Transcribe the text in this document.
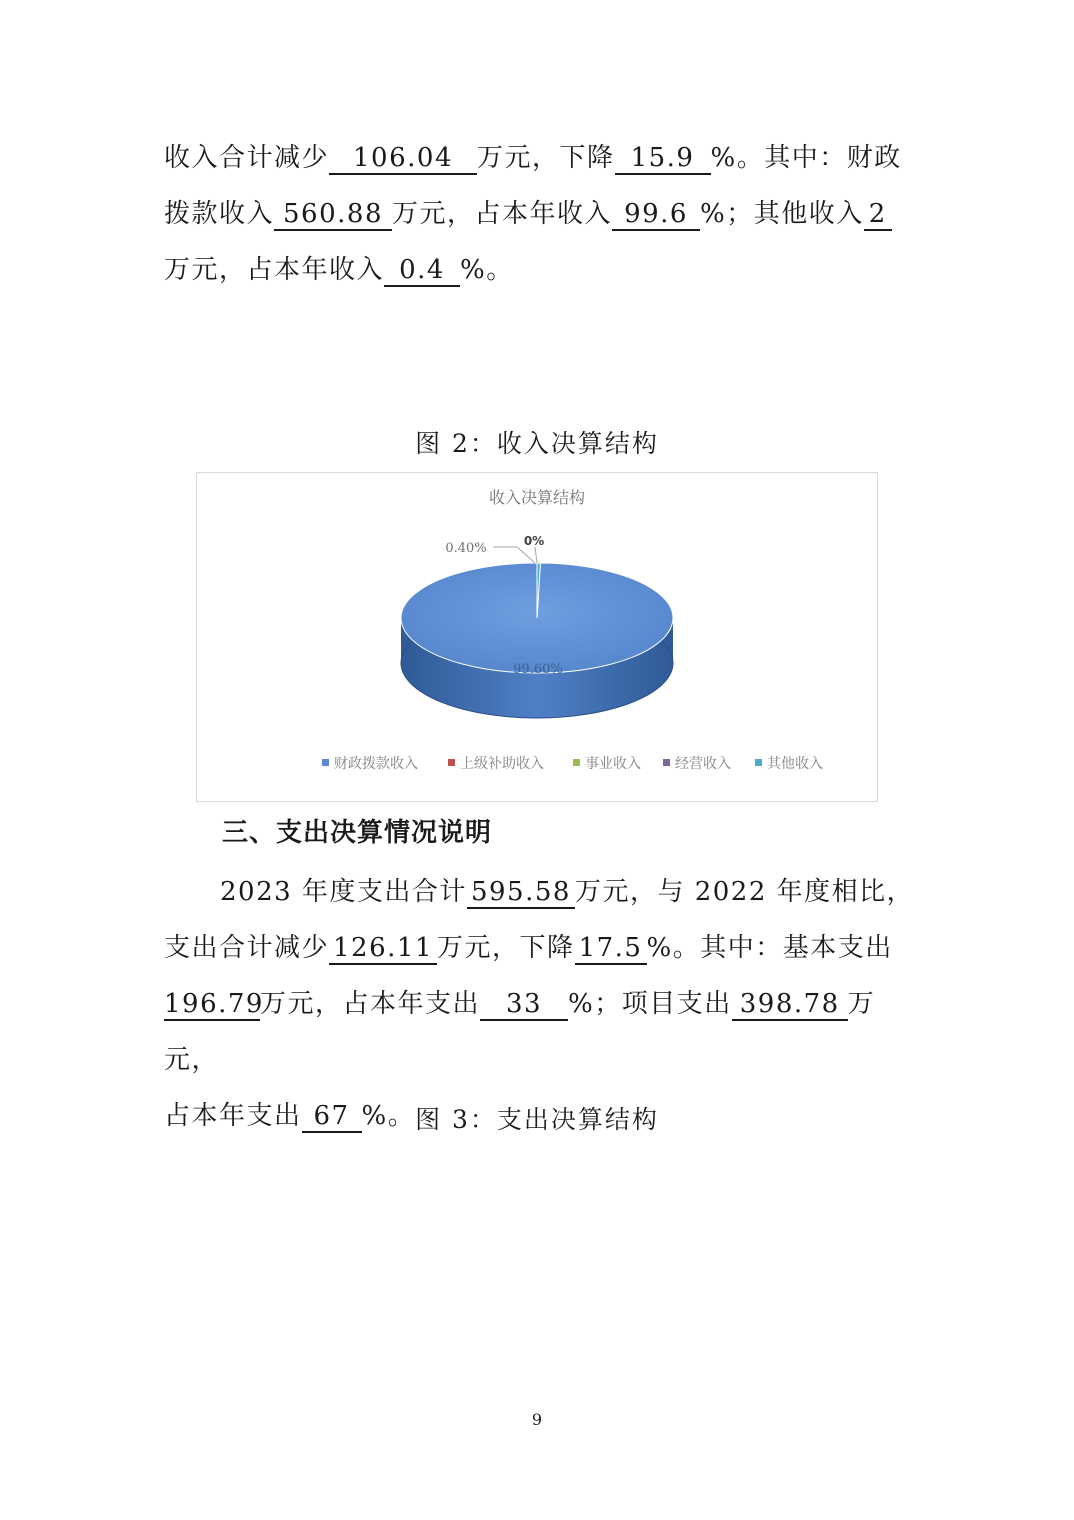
收入合计减少 106.04 万元，下降 15.9 %。其中：财政
拨款收入 560.88 万元，占本年收入 99.6 %；其他收入 2
万元，占本年收入 0.4 %。
图 2：收入决算结构
收入决算结构
0.40%	0%
99.60%
财政拨款收入	上级补助收入	事业收入 经营收入	其他收入
三、支出决算情况说明
2023 年度支出合计 595.58 万元，与 2022 年度相比，
支出合计减少 126.11 万元，下降 17.5 %。其中：基本支出
196.79万元，占本年支出 33 %；项目支出 398.78 万元，
占本年支出 67 %。 图 3：支出决算结构
9
